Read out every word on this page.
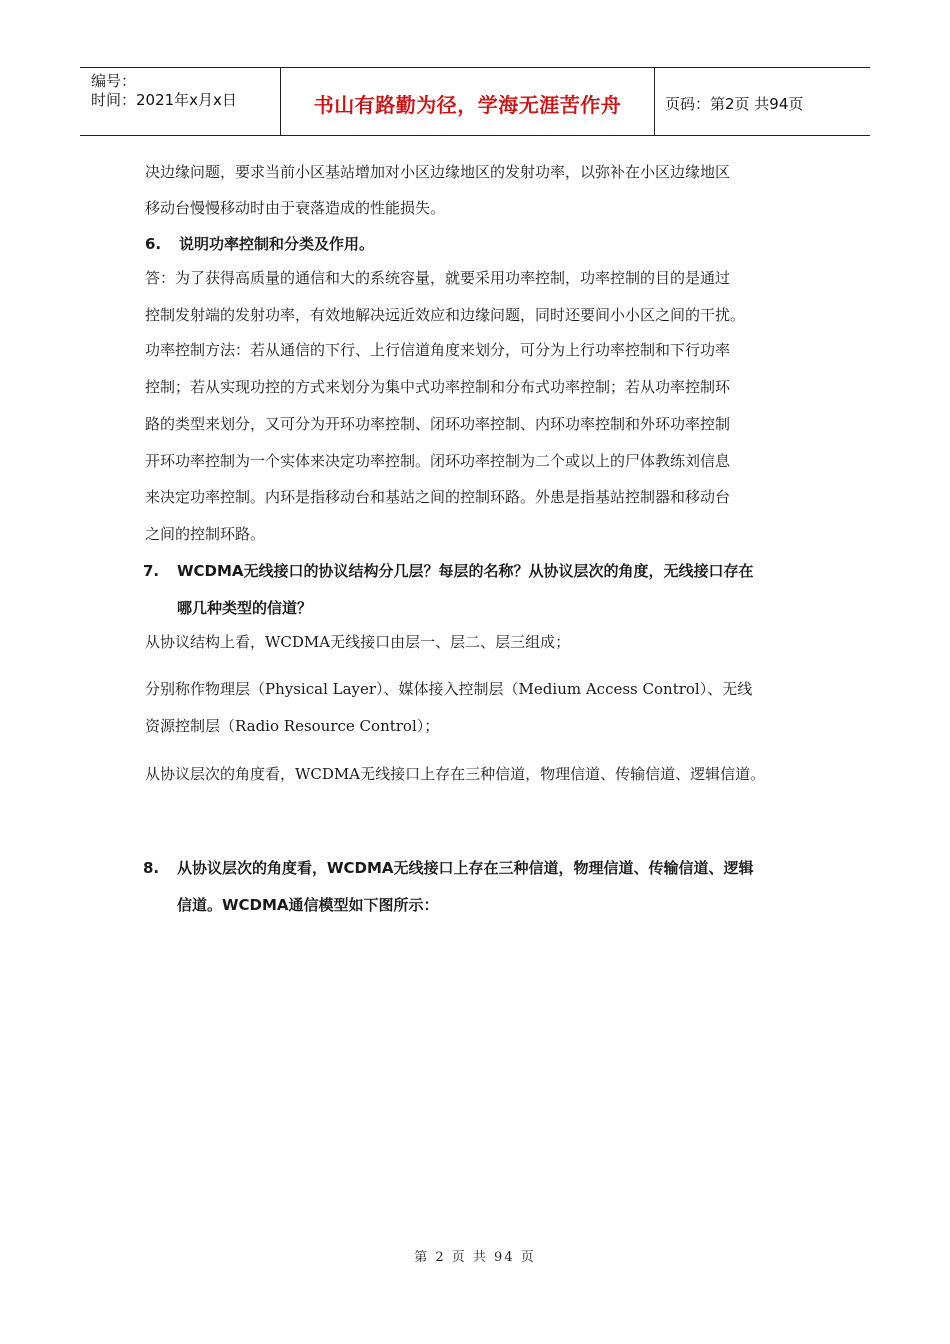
编号：
时间：2021年x月x日	书山有路勤为径，学海无涯苦作舟	页码：第2页 共94页
决边缘问题，要求当前小区基站增加对小区边缘地区的发射功率，以弥补在小区边缘地区
移动台慢慢移动时由于衰落造成的性能损失。
6. 说明功率控制和分类及作用。
答：为了获得高质量的通信和大的系统容量，就要采用功率控制，功率控制的目的是通过
控制发射端的发射功率，有效地解决远近效应和边缘问题，同时还要间小小区之间的干扰。
功率控制方法：若从通信的下行、上行信道角度来划分，可分为上行功率控制和下行功率
控制；若从实现功控的方式来划分为集中式功率控制和分布式功率控制；若从功率控制环
路的类型来划分，又可分为开环功率控制、闭环功率控制、内环功率控制和外环功率控制
开环功率控制为一个实体来决定功率控制。闭环功率控制为二个或以上的尸体教练刘信息
来决定功率控制。内环是指移动台和基站之间的控制环路。外患是指基站控制器和移动台
之间的控制环路。
7. WCDMA无线接口的协议结构分几层？每层的名称？从协议层次的角度，无线接口存在
哪几种类型的信道？
从协议结构上看，WCDMA无线接口由层一、层二、层三组成；
分别称作物理层（Physical Layer）、媒体接入控制层（Medium Access Control）、无线
资源控制层（Radio Resource Control）；
从协议层次的角度看，WCDMA无线接口上存在三种信道，物理信道、传输信道、逻辑信道。
8. 从协议层次的角度看，WCDMA无线接口上存在三种信道，物理信道、传输信道、逻辑
信道。WCDMA通信模型如下图所示：
第 2 页 共 94 页
